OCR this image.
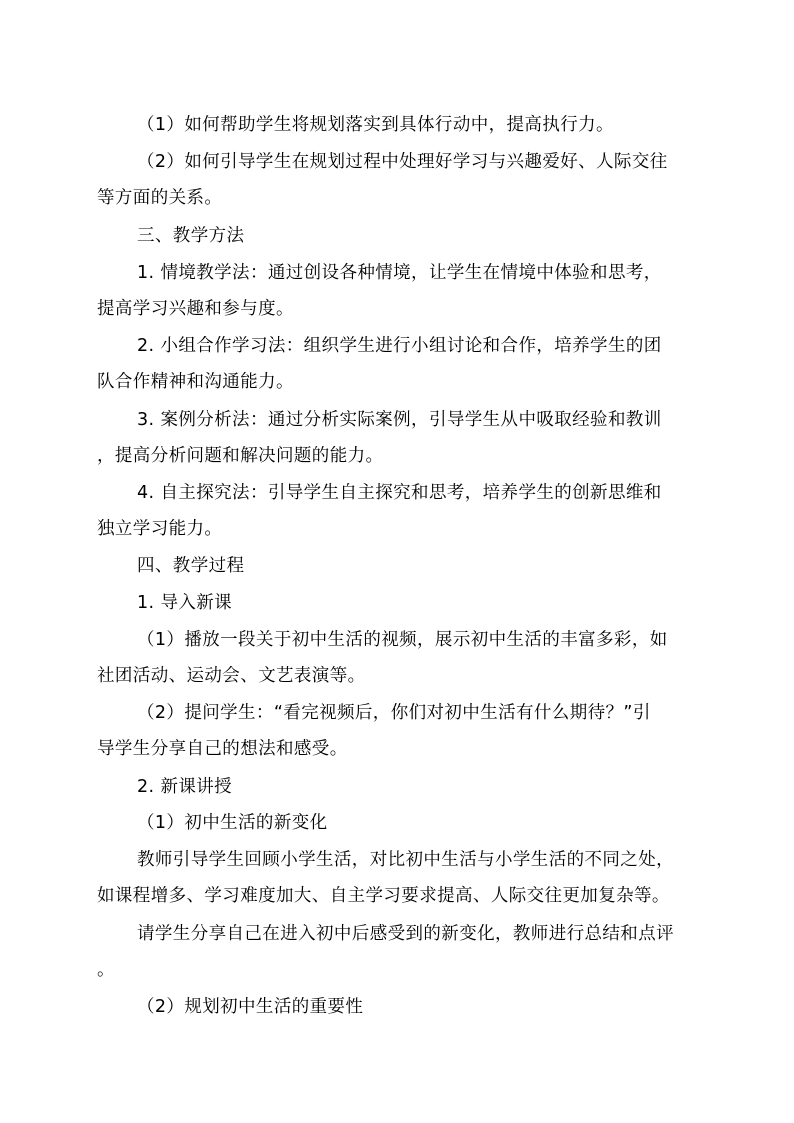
（1）如何帮助学生将规划落实到具体行动中，提高执行力。
（2）如何引导学生在规划过程中处理好学习与兴趣爱好、人际交往
等方面的关系。
三、教学方法
1. 情境教学法：通过创设各种情境，让学生在情境中体验和思考，
提高学习兴趣和参与度。
2. 小组合作学习法：组织学生进行小组讨论和合作，培养学生的团
队合作精神和沟通能力。
3. 案例分析法：通过分析实际案例，引导学生从中吸取经验和教训
，提高分析问题和解决问题的能力。
4. 自主探究法：引导学生自主探究和思考，培养学生的创新思维和
独立学习能力。
四、教学过程
1. 导入新课
（1）播放一段关于初中生活的视频，展示初中生活的丰富多彩，如
社团活动、运动会、文艺表演等。
（2）提问学生：“看完视频后，你们对初中生活有什么期待？”引
导学生分享自己的想法和感受。
2. 新课讲授
（1）初中生活的新变化
教师引导学生回顾小学生活，对比初中生活与小学生活的不同之处，
如课程增多、学习难度加大、自主学习要求提高、人际交往更加复杂等。
请学生分享自己在进入初中后感受到的新变化，教师进行总结和点评
。
（2）规划初中生活的重要性
